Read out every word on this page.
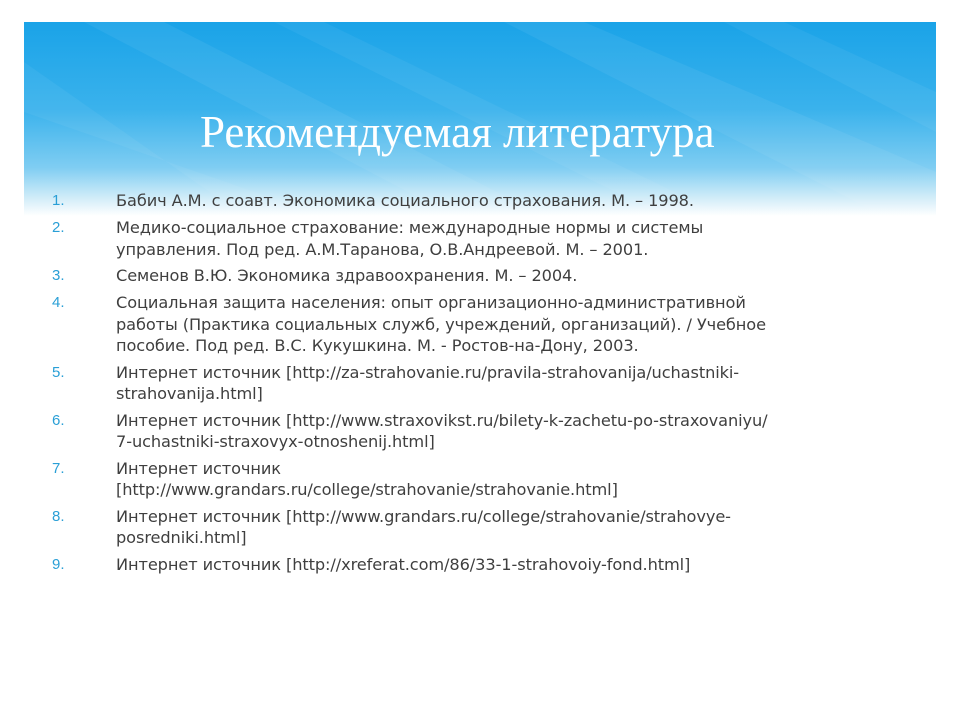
Рекомендуемая литература
1.	Бабич А.М. с соавт. Экономика социального страхования. М. – 1998.
2.	Медико-социальное страхование: международные нормы и системы
управления. Под ред. А.М.Таранова, О.В.Андреевой. М. – 2001.
3.	Семенов В.Ю. Экономика здравоохранения. М. – 2004.
4.	Социальная защита населения: опыт организационно-административной
работы (Практика социальных служб, учреждений, организаций). / Учебное
пособие. Под ред. В.С. Кукушкина. М. - Ростов-на-Дону, 2003.
5.	Интернет источник [http://za-strahovanie.ru/pravila-strahovanija/uchastniki-
strahovanija.html]
6.	Интернет источник [http://www.straxovikst.ru/bilety-k-zachetu-po-straxovaniyu/
7-uchastniki-straxovyx-otnoshenij.html]
7.	Интернет источник
[http://www.grandars.ru/college/strahovanie/strahovanie.html]
8.	Интернет источник [http://www.grandars.ru/college/strahovanie/strahovye-
posredniki.html]
9.	Интернет источник [http://xreferat.com/86/33-1-strahovoiy-fond.html]
